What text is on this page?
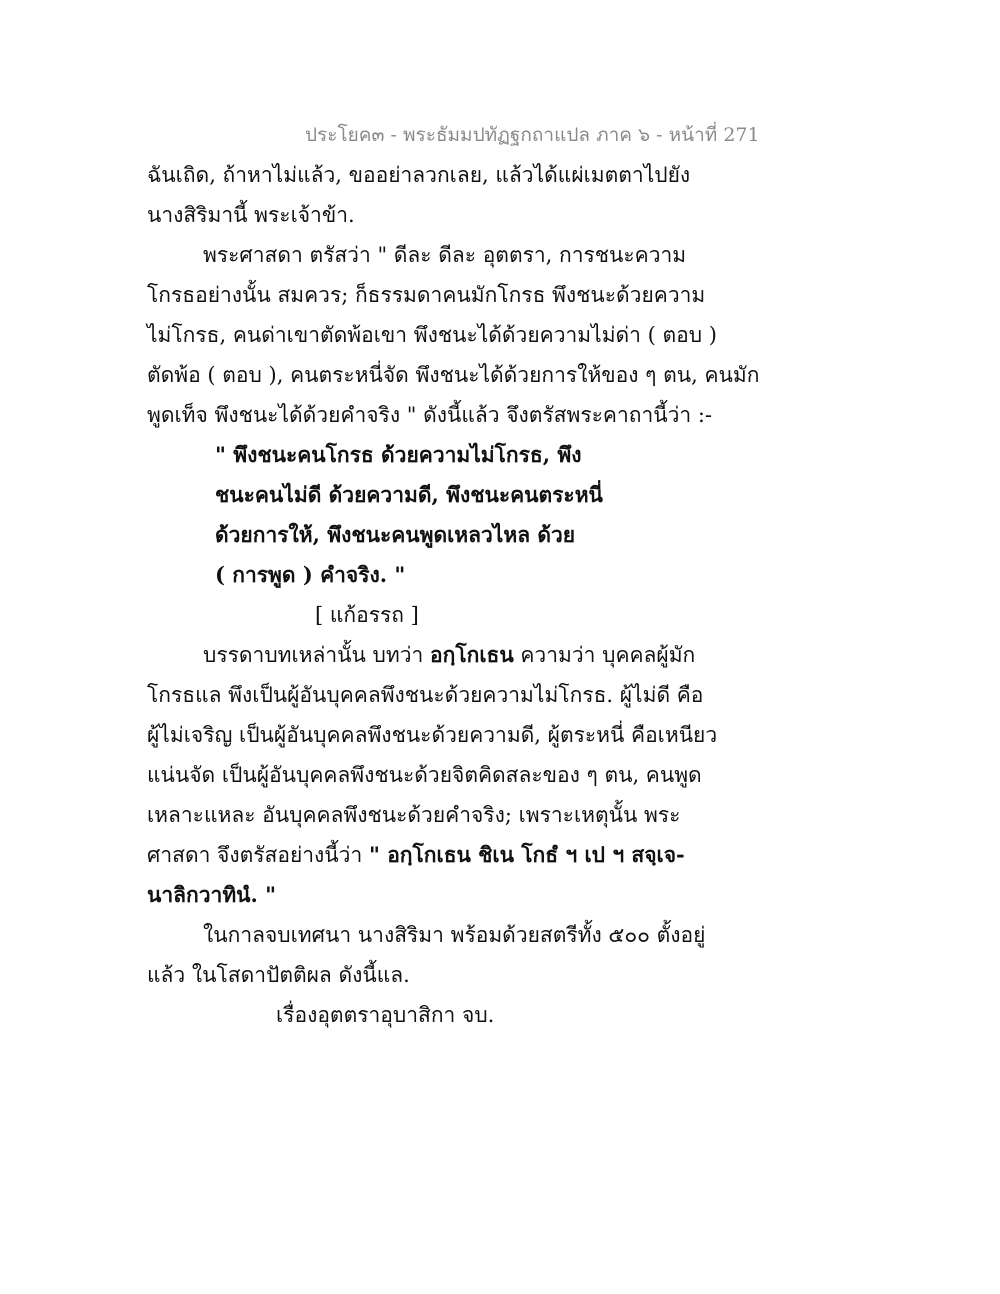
ประโยค๓ - พระธัมมปทัฏฐกถาแปล ภาค ๖ - หน้าที่ 271
ฉันเถิด, ถ้าหาไม่แล้ว, ขออย่าลวกเลย, แล้วได้แผ่เมตตาไปยัง
นางสิริมานี้ พระเจ้าข้า.
พระศาสดา ตรัสว่า " ดีละ ดีละ อุตตรา, การชนะความ
โกรธอย่างนั้น สมควร; ก็ธรรมดาคนมักโกรธ พึงชนะด้วยความ
ไม่โกรธ, คนด่าเขาตัดพ้อเขา พึงชนะได้ด้วยความไม่ด่า ( ตอบ )
ตัดพ้อ ( ตอบ ), คนตระหนี่จัด พึงชนะได้ด้วยการให้ของ ๆ ตน, คนมัก
พูดเท็จ พึงชนะได้ด้วยคำจริง " ดังนี้แล้ว จึงตรัสพระคาถานี้ว่า :-
" พึงชนะคนโกรธ ด้วยความไม่โกรธ, พึง
ชนะคนไม่ดี ด้วยความดี, พึงชนะคนตระหนี่
ด้วยการให้, พึงชนะคนพูดเหลวไหล ด้วย
( การพูด ) คำจริง. "
[ แก้อรรถ ]
บรรดาบทเหล่านั้น บทว่า อกฺโกเธน ความว่า บุคคลผู้มัก
โกรธแล พึงเป็นผู้อันบุคคลพึงชนะด้วยความไม่โกรธ. ผู้ไม่ดี คือ
ผู้ไม่เจริญ เป็นผู้อันบุคคลพึงชนะด้วยความดี, ผู้ตระหนี่ คือเหนียว
แน่นจัด เป็นผู้อันบุคคลพึงชนะด้วยจิตคิดสละของ ๆ ตน, คนพูด
เหลาะแหละ อันบุคคลพึงชนะด้วยคำจริง; เพราะเหตุนั้น พระ
ศาสดา จึงตรัสอย่างนี้ว่า " อกฺโกเธน ชิเน โกธํ ฯ เป ฯ สจฺเจ-
นาลิกวาทินํ. "
ในกาลจบเทศนา นางสิริมา พร้อมด้วยสตรีทั้ง ๕๐๐ ตั้งอยู่
แล้ว ในโสดาปัตติผล ดังนี้แล.
เรื่องอุตตราอุบาสิกา จบ.
